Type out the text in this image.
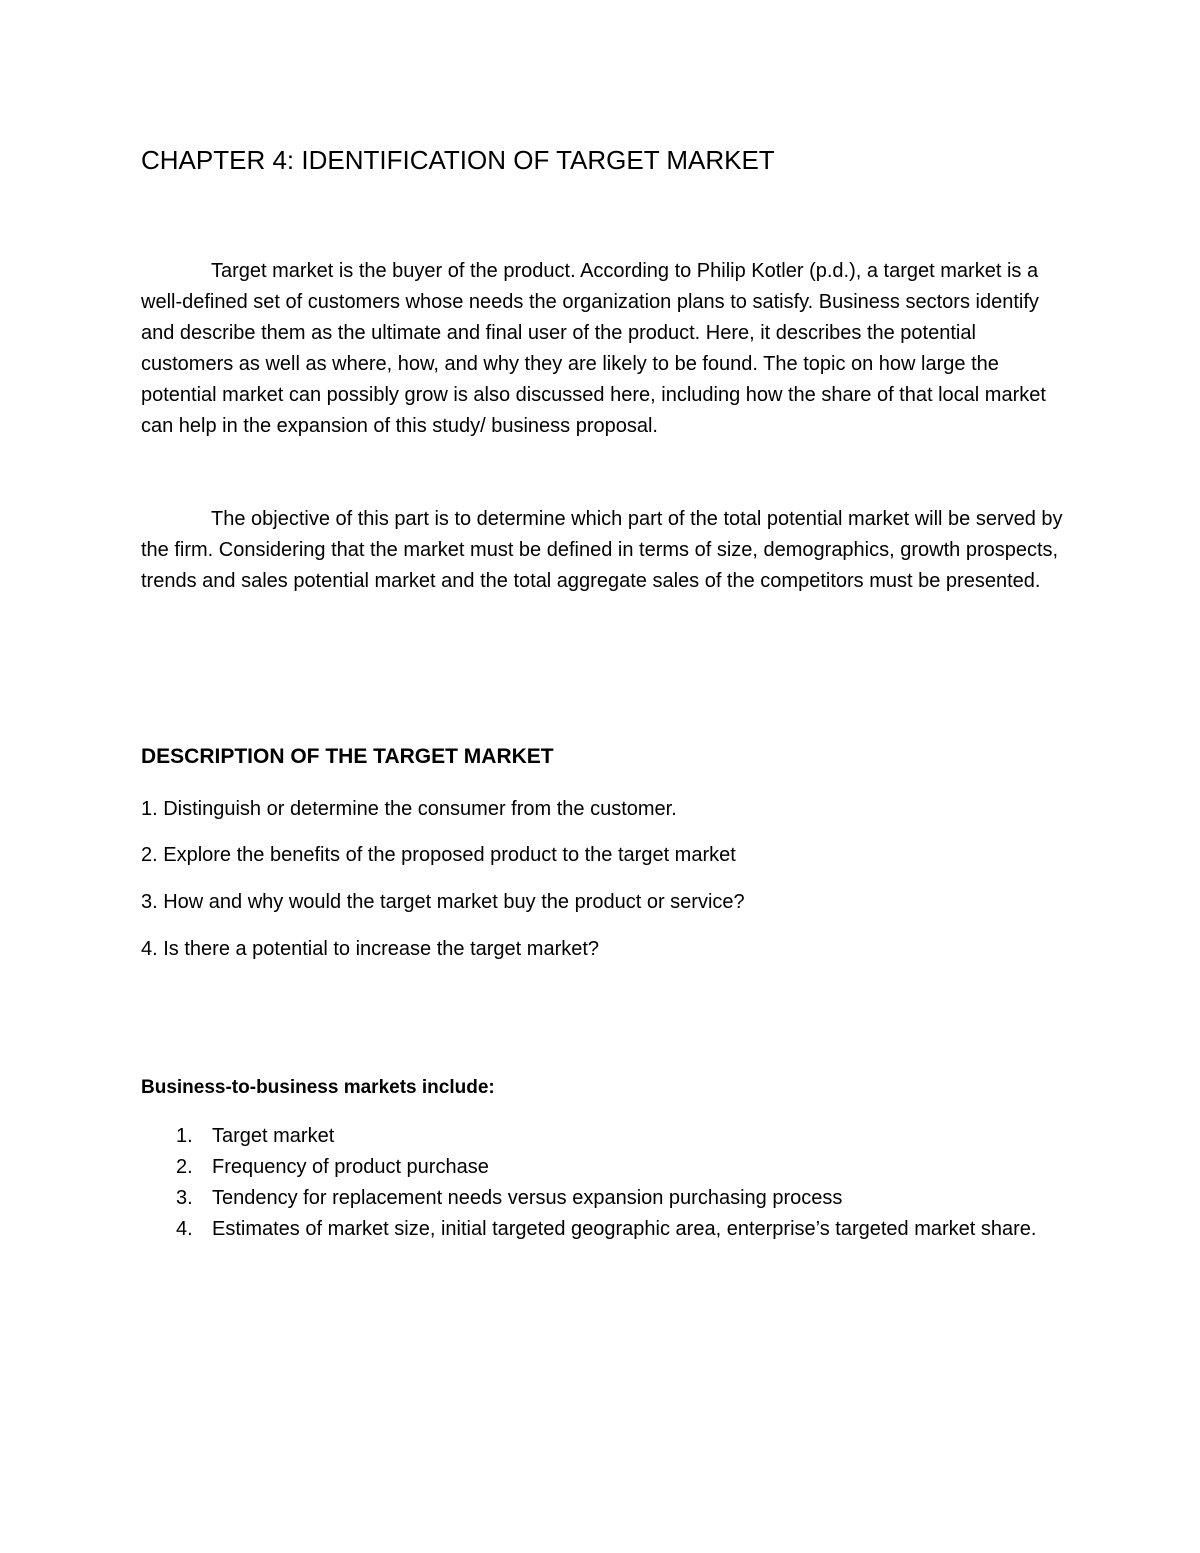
CHAPTER 4: IDENTIFICATION OF TARGET MARKET

Target market is the buyer of the product. According to Philip Kotler (p.d.), a target market is a well-defined set of customers whose needs the organization plans to satisfy. Business sectors identify and describe them as the ultimate and final user of the product. Here, it describes the potential customers as well as where, how, and why they are likely to be found. The topic on how large the potential market can possibly grow is also discussed here, including how the share of that local market can help in the expansion of this study/ business proposal.

The objective of this part is to determine which part of the total potential market will be served by the firm. Considering that the market must be defined in terms of size, demographics, growth prospects, trends and sales potential market and the total aggregate sales of the competitors must be presented.

DESCRIPTION OF THE TARGET MARKET

1. Distinguish or determine the consumer from the customer.

2. Explore the benefits of the proposed product to the target market

3. How and why would the target market buy the product or service?

4. Is there a potential to increase the target market?

Business-to-business markets include:

1. Target market
2. Frequency of product purchase
3. Tendency for replacement needs versus expansion purchasing process
4. Estimates of market size, initial targeted geographic area, enterprise’s targeted market share.
